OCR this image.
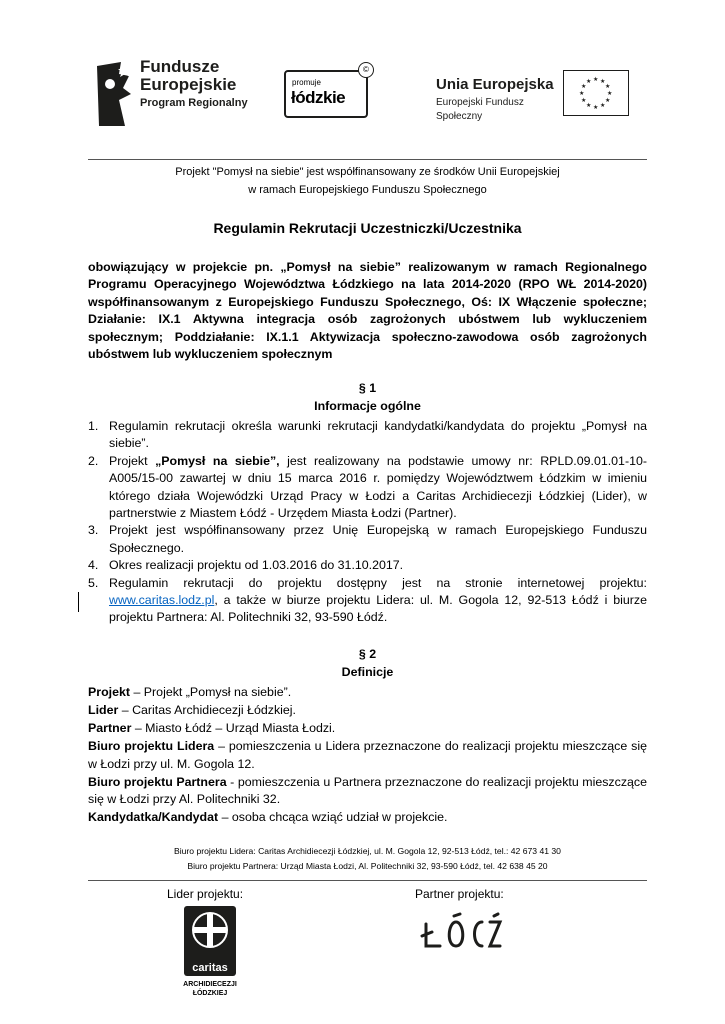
Fundusze
Europejskie
Program Regionalny
promuje
łódzkie
©
Unia Europejska
Europejski Fundusz Społeczny
★ ★
★
★
★
★
★
★
★
★
★
★
Projekt "Pomysł na siebie" jest współfinansowany ze środków Unii Europejskiej
w ramach Europejskiego Funduszu Społecznego
Regulamin Rekrutacji Uczestniczki/Uczestnika
obowiązujący w projekcie pn. „Pomysł na siebie” realizowanym w ramach Regionalnego Programu Operacyjnego Województwa Łódzkiego na lata 2014-2020 (RPO WŁ 2014-2020) współfinansowanym z Europejskiego Funduszu Społecznego, Oś: IX Włączenie społeczne; Działanie: IX.1 Aktywna integracja osób zagrożonych ubóstwem lub wykluczeniem społecznym; Poddziałanie: IX.1.1 Aktywizacja społeczno-zawodowa osób zagrożonych ubóstwem lub wykluczeniem społecznym
§ 1
Informacje ogólne
1. Regulamin rekrutacji określa warunki rekrutacji kandydatki/kandydata do projektu „Pomysł na siebie”.
2. Projekt „Pomysł na siebie”, jest realizowany na podstawie umowy nr: RPLD.09.01.01-10-A005/15-00 zawartej w dniu 15 marca 2016 r. pomiędzy Województwem Łódzkim w imieniu którego działa Wojewódzki Urząd Pracy w Łodzi a Caritas Archidiecezji Łódzkiej (Lider), w partnerstwie z Miastem Łódź - Urzędem Miasta Łodzi (Partner).
3. Projekt jest współfinansowany przez Unię Europejską w ramach Europejskiego Funduszu Społecznego.
4. Okres realizacji projektu od 1.03.2016 do 31.10.2017.
5. Regulamin rekrutacji do projektu dostępny jest na stronie internetowej projektu: www.caritas.lodz.pl, a także w biurze projektu Lidera: ul. M. Gogola 12, 92-513 Łódź i biurze projektu Partnera: Al. Politechniki 32, 93-590 Łódź.
§ 2
Definicje

Projekt – Projekt „Pomysł na siebie”.

Lider – Caritas Archidiecezji Łódzkiej.

Partner – Miasto Łódź – Urząd Miasta Łodzi.

Biuro projektu Lidera – pomieszczenia u Lidera przeznaczone do realizacji projektu mieszczące się w Łodzi przy ul. M. Gogola 12.

Biuro projektu Partnera - pomieszczenia u Partnera przeznaczone do realizacji projektu mieszczące się w Łodzi przy Al. Politechniki 32.

Kandydatka/Kandydat – osoba chcąca wziąć udział w projekcie.

Biuro projektu Lidera: Caritas Archidiecezji Łódzkiej, ul. M. Gogola 12, 92-513 Łódź, tel.: 42 673 41 30
Biuro projektu Partnera: Urząd Miasta Łodzi, Al. Politechniki 32, 93-590 Łódź, tel. 42 638 45 20
Lider projektu:	Partner projektu:
caritas
ARCHIDIECEZJI
ŁÓDZKIEJ
